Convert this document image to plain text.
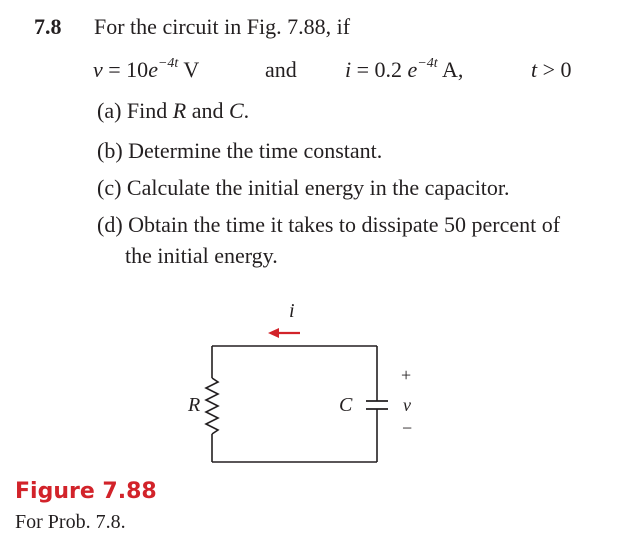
7.8 For the circuit in Fig. 7.88, if
$v = 10e^{-4t}$ V	and i = 0.2 $e^{-4t}$ A,	t > 0
(a) Find R and C.
(b) Determine the time constant.
(c) Calculate the initial energy in the capacitor.
(d) Obtain the time it takes to dissipate 50 percent of
the initial energy.
i
R	C
+
v
−
Figure 7.88
For Prob. 7.8.
